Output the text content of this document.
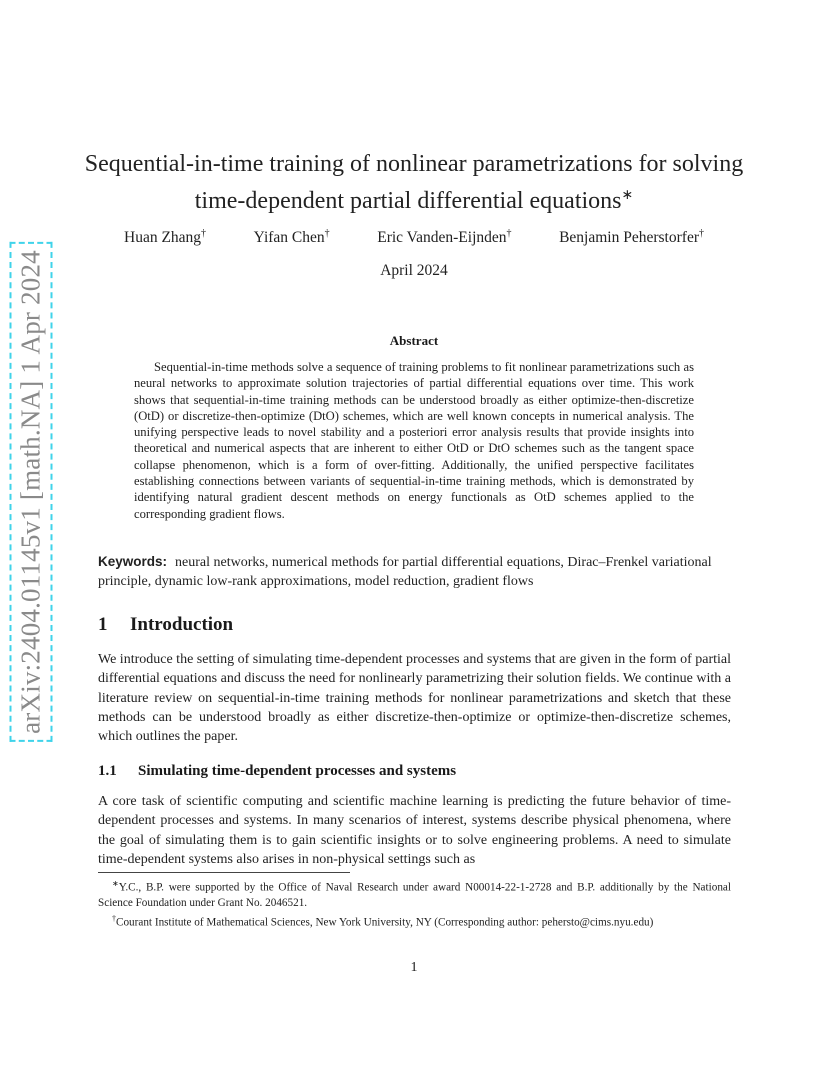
arXiv:2404.01145v1 [math.NA] 1 Apr 2024
Sequential-in-time training of nonlinear parametrizations for solving
time-dependent partial differential equations∗
Huan Zhang†	Yifan Chen†	Eric Vanden-Eijnden†	Benjamin Peherstorfer†
April 2024
Abstract
Sequential-in-time methods solve a sequence of training problems to fit nonlinear parametrizations such as neural networks to approximate solution trajectories of partial differential equations over time. This work shows that sequential-in-time training methods can be understood broadly as either optimize-then-discretize (OtD) or discretize-then-optimize (DtO) schemes, which are well known concepts in numerical analysis. The unifying perspective leads to novel stability and a posteriori error analysis results that provide insights into theoretical and numerical aspects that are inherent to either OtD or DtO schemes such as the tangent space collapse phenomenon, which is a form of over-fitting. Additionally, the unified perspective facilitates establishing connections between variants of sequential-in-time training methods, which is demonstrated by identifying natural gradient descent methods on energy functionals as OtD schemes applied to the corresponding gradient flows.
Keywords: neural networks, numerical methods for partial differential equations, Dirac–Frenkel variational principle, dynamic low-rank approximations, model reduction, gradient flows
1 Introduction
We introduce the setting of simulating time-dependent processes and systems that are given in the form of partial differential equations and discuss the need for nonlinearly parametrizing their solution fields. We continue with a literature review on sequential-in-time training methods for nonlinear parametrizations and sketch that these methods can be understood broadly as either discretize-then-optimize or optimize-then-discretize schemes, which outlines the paper.
1.1 Simulating time-dependent processes and systems
A core task of scientific computing and scientific machine learning is predicting the future behavior of time-dependent processes and systems. In many scenarios of interest, systems describe physical phenomena, where the goal of simulating them is to gain scientific insights or to solve engineering problems. A need to simulate time-dependent systems also arises in non-physical settings such as

∗Y.C., B.P. were supported by the Office of Naval Research under award N00014-22-1-2728 and B.P. additionally by the National Science Foundation under Grant No. 2046521.

†Courant Institute of Mathematical Sciences, New York University, NY (Corresponding author: pehersto@cims.nyu.edu)

1
